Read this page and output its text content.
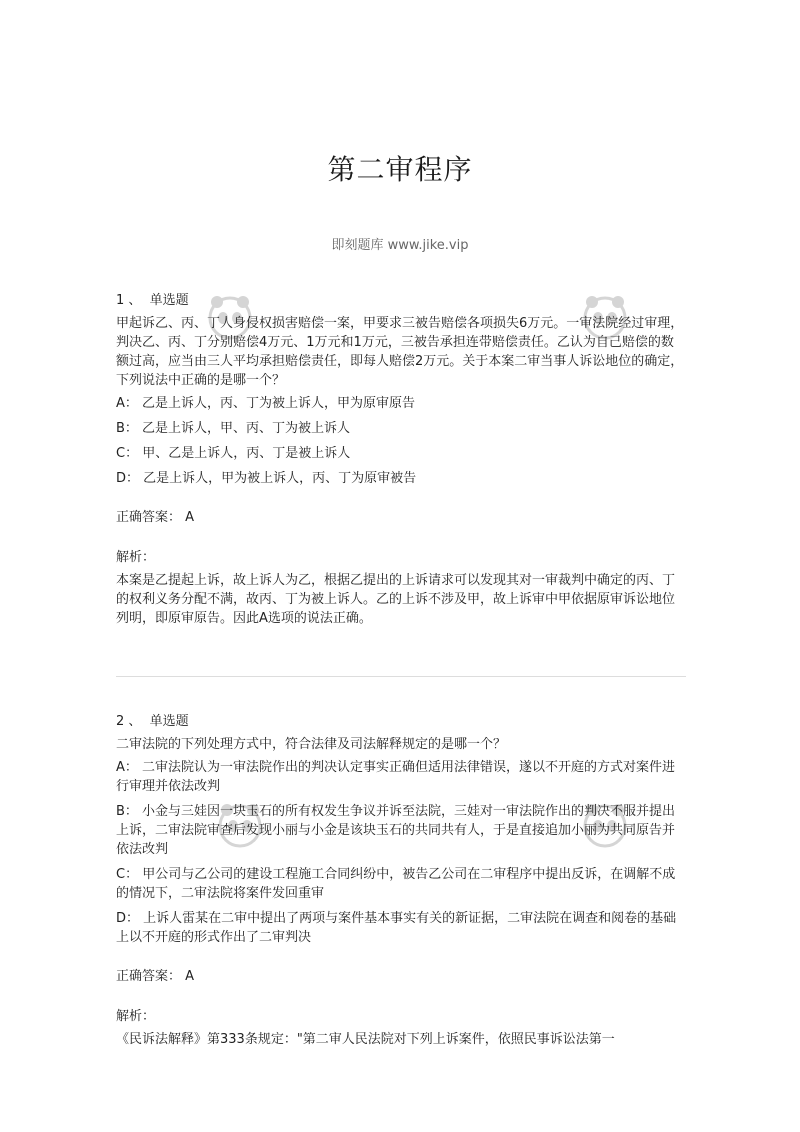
第二审程序
即刻题库 www.jike.vip
1 、 单选题
甲起诉乙、丙、丁人身侵权损害赔偿一案，甲要求三被告赔偿各项损失6万元。一审法院经过审理，判决乙、丙、丁分别赔偿4万元、1万元和1万元，三被告承担连带赔偿责任。乙认为自己赔偿的数额过高，应当由三人平均承担赔偿责任，即每人赔偿2万元。关于本案二审当事人诉讼地位的确定，下列说法中正确的是哪一个？
A： 乙是上诉人，丙、丁为被上诉人，甲为原审原告
B： 乙是上诉人，甲、丙、丁为被上诉人
C： 甲、乙是上诉人，丙、丁是被上诉人
D： 乙是上诉人，甲为被上诉人，丙、丁为原审被告
正确答案： A
解析：
本案是乙提起上诉，故上诉人为乙，根据乙提出的上诉请求可以发现其对一审裁判中确定的丙、丁的权利义务分配不满，故丙、丁为被上诉人。乙的上诉不涉及甲，故上诉审中甲依据原审诉讼地位列明，即原审原告。因此A选项的说法正确。
2 、 单选题
二审法院的下列处理方式中，符合法律及司法解释规定的是哪一个？
A： 二审法院认为一审法院作出的判决认定事实正确但适用法律错误，遂以不开庭的方式对案件进行审理并依法改判
B： 小金与三娃因一块玉石的所有权发生争议并诉至法院，三娃对一审法院作出的判决不服并提出上诉，二审法院审查后发现小丽与小金是该块玉石的共同共有人，于是直接追加小丽为共同原告并依法改判
C： 甲公司与乙公司的建设工程施工合同纠纷中，被告乙公司在二审程序中提出反诉，在调解不成的情况下，二审法院将案件发回重审
D： 上诉人雷某在二审中提出了两项与案件基本事实有关的新证据，二审法院在调查和阅卷的基础上以不开庭的形式作出了二审判决
正确答案： A
解析：
《民诉法解释》第333条规定："第二审人民法院对下列上诉案件，依照民事诉讼法第一
